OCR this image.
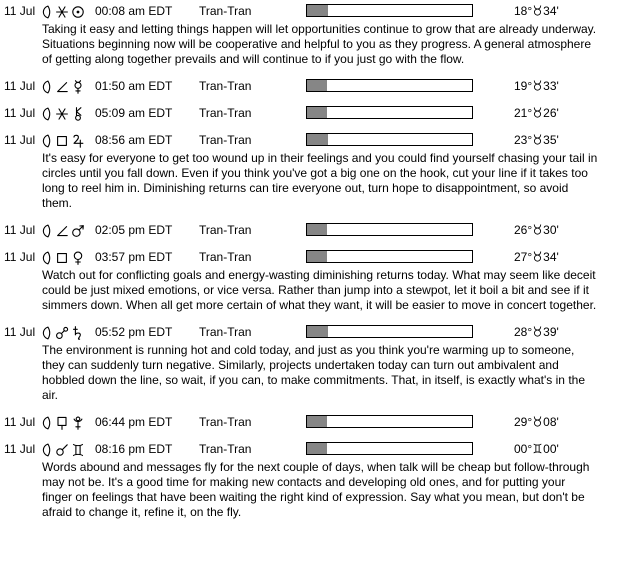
11 Jul	00:08 am EDT Tran-Tran	18° 34'

Taking it easy and letting things happen will let opportunities continue to grow that are already underway. Situations beginning now will be cooperative and helpful to you as they progress. A general atmosphere of getting along together prevails and will continue to if you just go with the flow.

11 Jul	01:50 am EDT Tran-Tran	19° 33'
11 Jul	05:09 am EDT Tran-Tran	21° 26'
11 Jul	08:56 am EDT Tran-Tran	23° 35'

It's easy for everyone to get too wound up in their feelings and you could find yourself chasing your tail in circles until you fall down. Even if you think you've got a big one on the hook, cut your line if it takes too long to reel him in. Diminishing returns can tire everyone out, turn hope to disappointment, so avoid them.

11 Jul	02:05 pm EDT Tran-Tran	26° 30'
11 Jul	03:57 pm EDT Tran-Tran	27° 34'

Watch out for conflicting goals and energy-wasting diminishing returns today. What may seem like deceit could be just mixed emotions, or vice versa. Rather than jump into a stewpot, let it boil a bit and see if it simmers down. When all get more certain of what they want, it will be easier to move in concert together.

11 Jul	05:52 pm EDT Tran-Tran	28° 39'

The environment is running hot and cold today, and just as you think you're warming up to someone, they can suddenly turn negative. Similarly, projects undertaken today can turn out ambivalent and hobbled down the line, so wait, if you can, to make commitments. That, in itself, is exactly what's in the air.

11 Jul	06:44 pm EDT Tran-Tran	29° 08'
11 Jul	08:16 pm EDT Tran-Tran	00° 00'

Words abound and messages fly for the next couple of days, when talk will be cheap but follow-through may not be. It's a good time for making new contacts and developing old ones, and for putting your finger on feelings that have been waiting the right kind of expression. Say what you mean, but don't be afraid to change it, refine it, on the fly.
